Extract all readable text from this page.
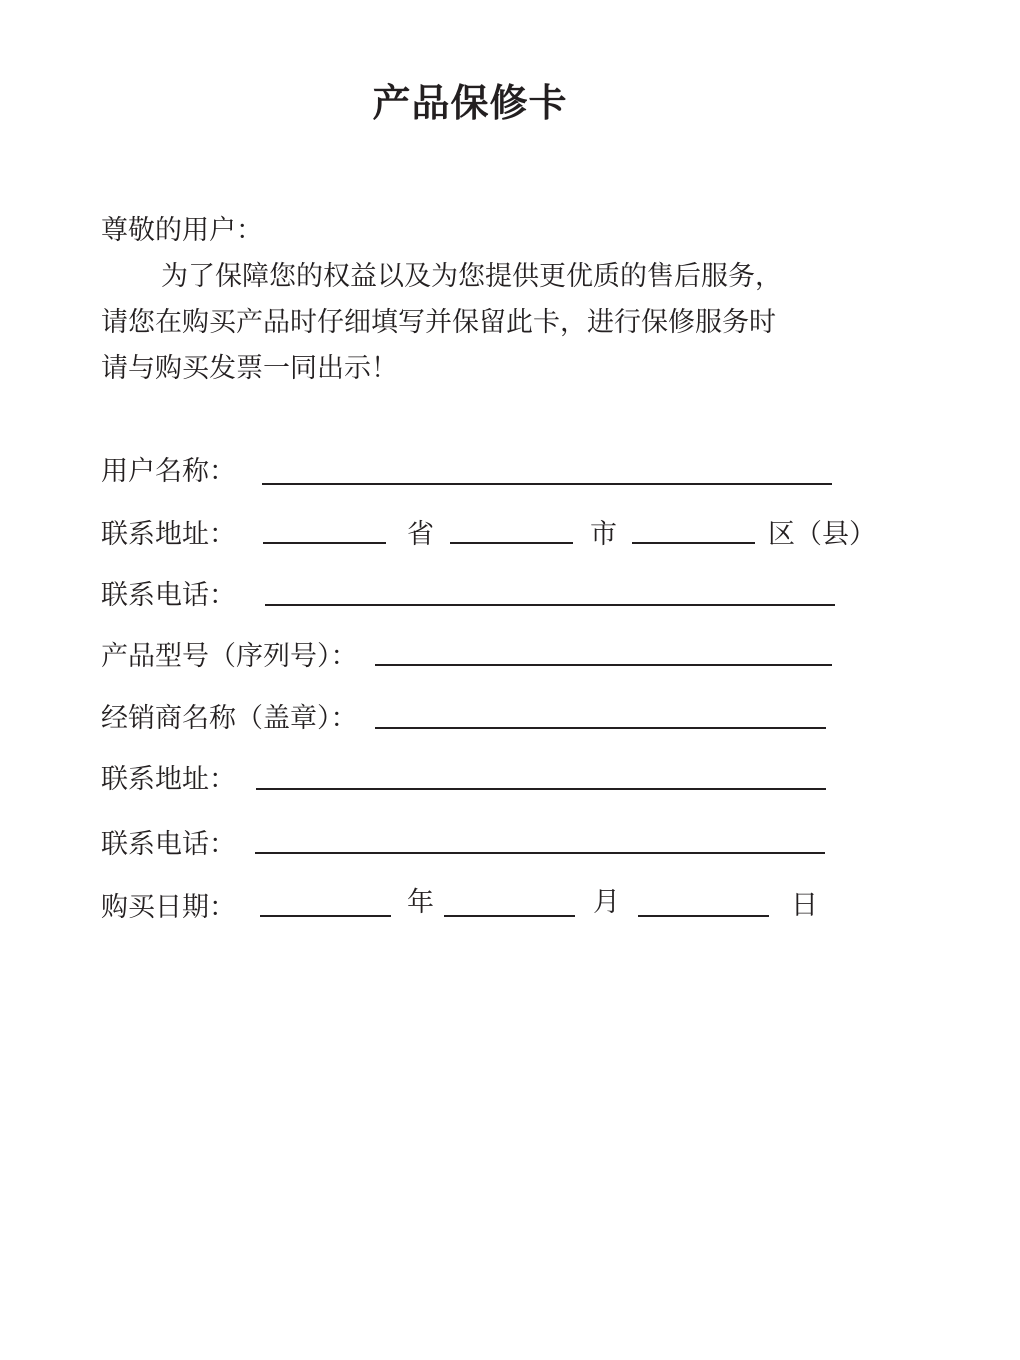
产品保修卡
尊敬的用户：
为了保障您的权益以及为您提供更优质的售后服务，
请您在购买产品时仔细填写并保留此卡，进行保修服务时
请与购买发票一同出示！
用户名称：
联系地址：	省	市	区（县）
联系电话：
产品型号（序列号）：
经销商名称（盖章）：
联系地址：
联系电话：
购买日期：	年	月	日
